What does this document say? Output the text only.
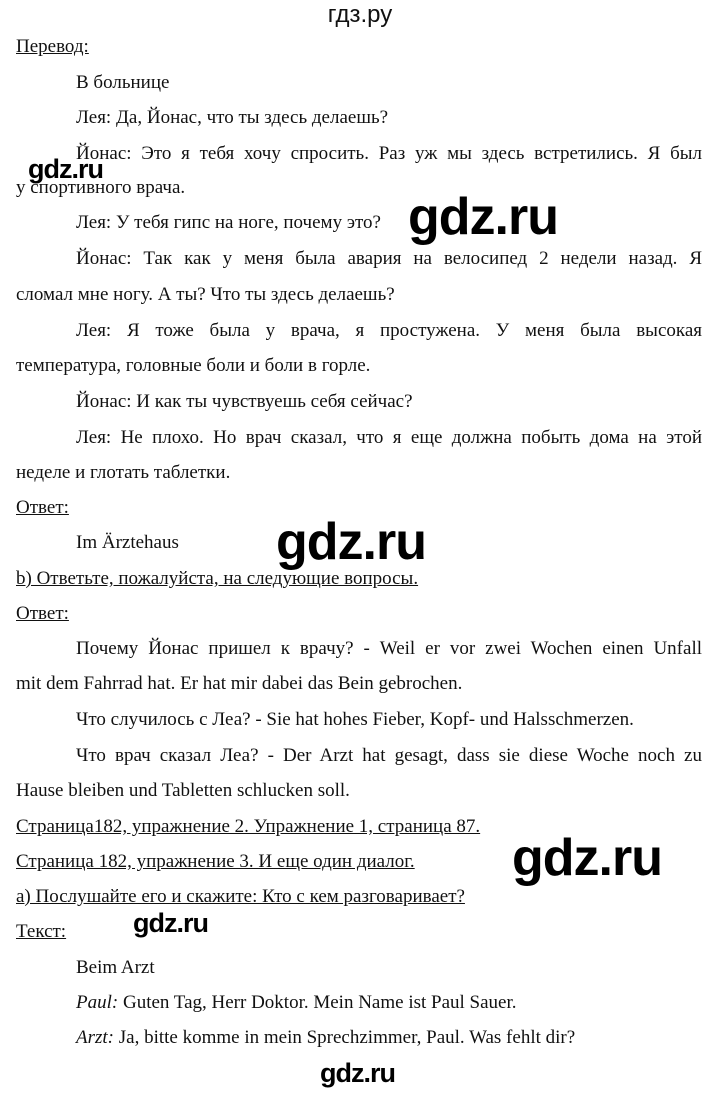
гдз.ру
Перевод:
В больнице
Лея: Да, Йонас, что ты здесь делаешь?
Йонас: Это я тебя хочу спросить. Раз уж мы здесь встретились. Я был
у спортивного врача.
Лея: У тебя гипс на ноге, почему это?
Йонас: Так как у меня была авария на велосипед 2 недели назад. Я
сломал мне ногу. А ты? Что ты здесь делаешь?
Лея: Я тоже была у врача, я простужена. У меня была высокая
температура, головные боли и боли в горле.
Йонас: И как ты чувствуешь себя сейчас?
Лея: Не плохо. Но врач сказал, что я еще должна побыть дома на этой
неделе и глотать таблетки.
Ответ:
Im Ärztehaus
b) Ответьте, пожалуйста, на следующие вопросы.
Ответ:
Почему Йонас пришел к врачу? - Weil er vor zwei Wochen einen Unfall
mit dem Fahrrad hat. Er hat mir dabei das Bein gebrochen.
Что случилось с Леа? - Sie hat hohes Fieber, Kopf- und Halsschmerzen.
Что врач сказал Леа? - Der Arzt hat gesagt, dass sie diese Woche noch zu
Hause bleiben und Tabletten schlucken soll.
Страница182, упражнение 2. Упражнение 1, страница 87.
Страница 182, упражнение 3. И еще один диалог.
а) Послушайте его и скажите: Кто с кем разговаривает?
Текст:
Beim Arzt
Paul: Guten Tag, Herr Doktor. Mein Name ist Paul Sauer.
Arzt: Ja, bitte komme in mein Sprechzimmer, Paul. Was fehlt dir?
gdz.ru
gdz.ru
gdz.ru
gdz.ru
gdz.ru
gdz.ru
